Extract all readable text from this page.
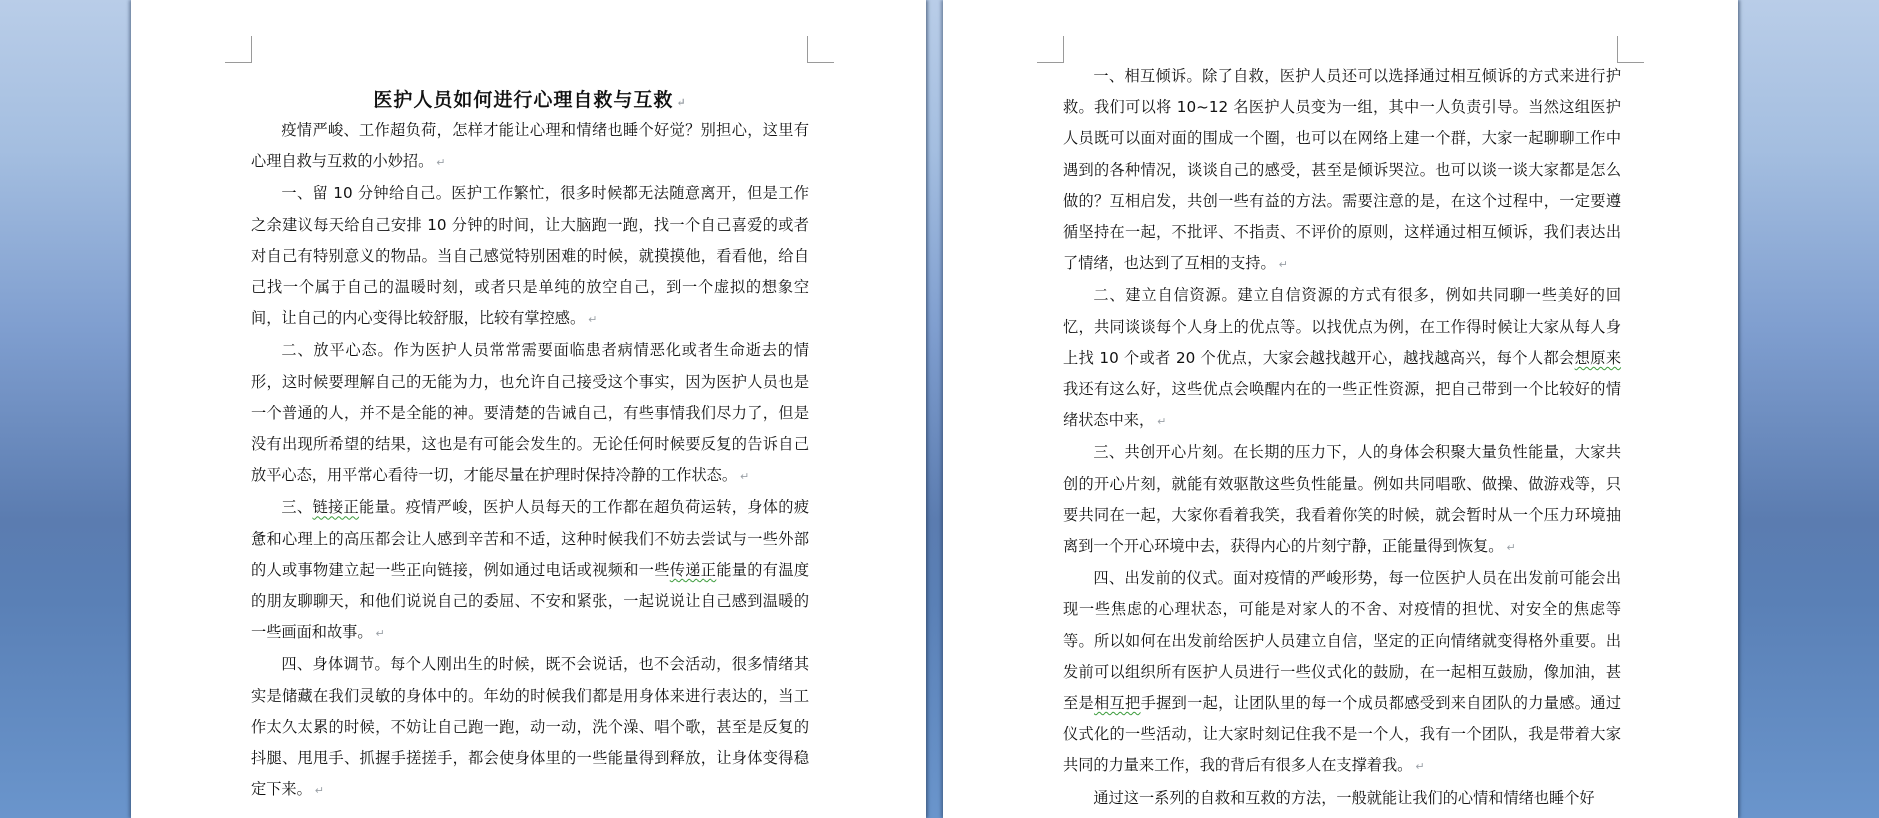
医护人员如何进行心理自救与互救 ↵

疫情严峻、工作超负荷，怎样才能让心理和情绪也睡个好觉？别担心，这里有心理自救与互救的小妙招。 ↵

一、留 10 分钟给自己。医护工作繁忙，很多时候都无法随意离开，但是工作之余建议每天给自己安排 10 分钟的时间，让大脑跑一跑，找一个自己喜爱的或者对自己有特别意义的物品。当自己感觉特别困难的时候，就摸摸他，看看他，给自己找一个属于自己的温暖时刻，或者只是单纯的放空自己，到一个虚拟的想象空间，让自己的内心变得比较舒服，比较有掌控感。 ↵

二、放平心态。作为医护人员常常需要面临患者病情恶化或者生命逝去的情形，这时候要理解自己的无能为力，也允许自己接受这个事实，因为医护人员也是一个普通的人，并不是全能的神。要清楚的告诫自己，有些事情我们尽力了，但是没有出现所希望的结果，这也是有可能会发生的。无论任何时候要反复的告诉自己放平心态，用平常心看待一切，才能尽量在护理时保持冷静的工作状态。 ↵

三、链接正能量。疫情严峻，医护人员每天的工作都在超负荷运转，身体的疲惫和心理上的高压都会让人感到辛苦和不适，这种时候我们不妨去尝试与一些外部的人或事物建立起一些正向链接，例如通过电话或视频和一些传递正能量的有温度的朋友聊聊天，和他们说说自己的委屈、不安和紧张，一起说说让自己感到温暖的一些画面和故事。 ↵

四、身体调节。每个人刚出生的时候，既不会说话，也不会活动，很多情绪其实是储藏在我们灵敏的身体中的。年幼的时候我们都是用身体来进行表达的，当工作太久太累的时候，不妨让自己跑一跑，动一动，洗个澡、唱个歌，甚至是反复的抖腿、甩甩手、抓握手搓搓手，都会使身体里的一些能量得到释放，让身体变得稳定下来。 ↵

一、相互倾诉。除了自救，医护人员还可以选择通过相互倾诉的方式来进行护救。我们可以将 10~12 名医护人员变为一组，其中一人负责引导。当然这组医护人员既可以面对面的围成一个圈，也可以在网络上建一个群，大家一起聊聊工作中遇到的各种情况，谈谈自己的感受，甚至是倾诉哭泣。也可以谈一谈大家都是怎么做的？互相启发，共创一些有益的方法。需要注意的是，在这个过程中，一定要遵循坚持在一起，不批评、不指责、不评价的原则，这样通过相互倾诉，我们表达出了情绪，也达到了互相的支持。 ↵

二、建立自信资源。建立自信资源的方式有很多，例如共同聊一些美好的回忆，共同谈谈每个人身上的优点等。以找优点为例，在工作得时候让大家从每人身上找 10 个或者 20 个优点，大家会越找越开心，越找越高兴，每个人都会想原来我还有这么好，这些优点会唤醒内在的一些正性资源，把自己带到一个比较好的情绪状态中来， ↵

三、共创开心片刻。在长期的压力下，人的身体会积聚大量负性能量，大家共创的开心片刻，就能有效驱散这些负性能量。例如共同唱歌、做操、做游戏等，只要共同在一起，大家你看着我笑，我看着你笑的时候，就会暂时从一个压力环境抽离到一个开心环境中去，获得内心的片刻宁静，正能量得到恢复。 ↵

四、出发前的仪式。面对疫情的严峻形势，每一位医护人员在出发前可能会出现一些焦虑的心理状态，可能是对家人的不舍、对疫情的担忧、对安全的焦虑等等。所以如何在出发前给医护人员建立自信，坚定的正向情绪就变得格外重要。出发前可以组织所有医护人员进行一些仪式化的鼓励，在一起相互鼓励，像加油，甚至是相互把手握到一起，让团队里的每一个成员都感受到来自团队的力量感。通过仪式化的一些活动，让大家时刻记住我不是一个人，我有一个团队，我是带着大家共同的力量来工作，我的背后有很多人在支撑着我。 ↵

通过这一系列的自救和互救的方法，一般就能让我们的心情和情绪也睡个好
